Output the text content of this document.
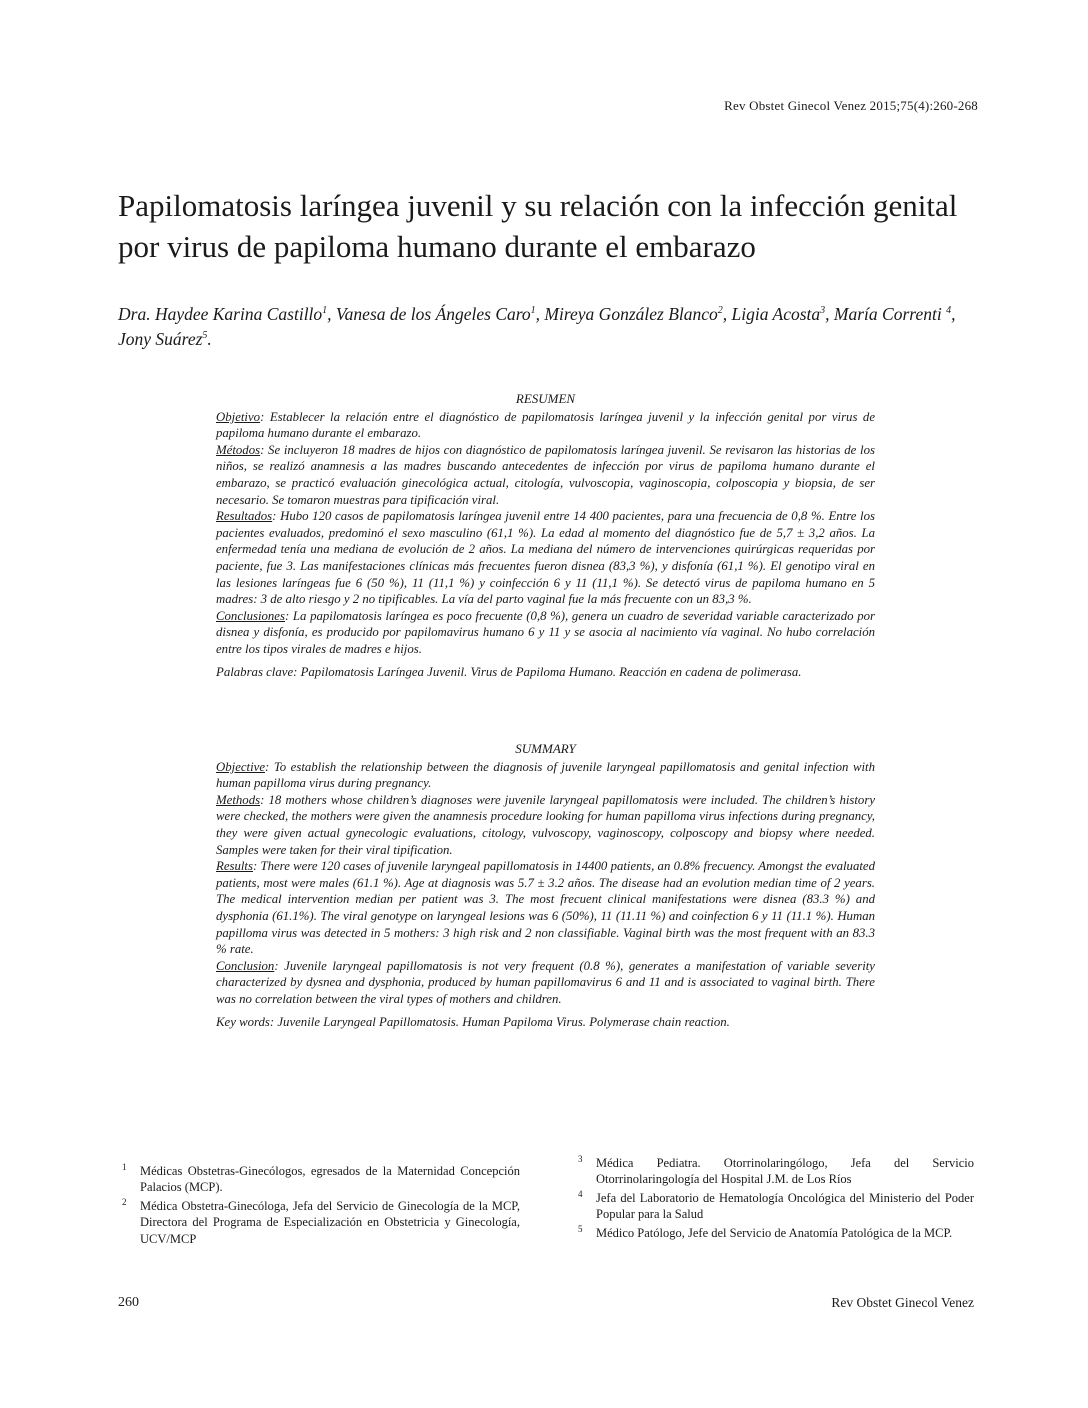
Rev Obstet Ginecol Venez 2015;75(4):260-268
Papilomatosis laríngea juvenil y su relación con la infección genital por virus de papiloma humano durante el embarazo

Dra. Haydee Karina Castillo$^1$, Vanesa de los Ángeles Caro$^1$, Mireya González Blanco$^2$, Ligia Acosta$^3$, María Correnti $^4$, Jony Suárez$^5$.

RESUMEN

Objetivo: Establecer la relación entre el diagnóstico de papilomatosis laríngea juvenil y la infección genital por virus de papiloma humano durante el embarazo.

Métodos: Se incluyeron 18 madres de hijos con diagnóstico de papilomatosis laríngea juvenil. Se revisaron las historias de los niños, se realizó anamnesis a las madres buscando antecedentes de infección por virus de papiloma humano durante el embarazo, se practicó evaluación ginecológica actual, citología, vulvoscopia, vaginoscopia, colposcopia y biopsia, de ser necesario. Se tomaron muestras para tipificación viral.

Resultados: Hubo 120 casos de papilomatosis laríngea juvenil entre 14 400 pacientes, para una frecuencia de 0,8 %. Entre los pacientes evaluados, predominó el sexo masculino (61,1 %). La edad al momento del diagnóstico fue de 5,7 ± 3,2 años. La enfermedad tenía una mediana de evolución de 2 años. La mediana del número de intervenciones quirúrgicas requeridas por paciente, fue 3. Las manifestaciones clínicas más frecuentes fueron disnea (83,3 %), y disfonía (61,1 %). El genotipo viral en las lesiones laríngeas fue 6 (50 %), 11 (11,1 %) y coinfección 6 y 11 (11,1 %). Se detectó virus de papiloma humano en 5 madres: 3 de alto riesgo y 2 no tipificables. La vía del parto vaginal fue la más frecuente con un 83,3 %.

Conclusiones: La papilomatosis laríngea es poco frecuente (0,8 %), genera un cuadro de severidad variable caracterizado por disnea y disfonía, es producido por papilomavirus humano 6 y 11 y se asocia al nacimiento vía vaginal. No hubo correlación entre los tipos virales de madres e hijos.

Palabras clave: Papilomatosis Laríngea Juvenil. Virus de Papiloma Humano. Reacción en cadena de polimerasa.

SUMMARY

Objective: To establish the relationship between the diagnosis of juvenile laryngeal papillomatosis and genital infection with human papilloma virus during pregnancy.

Methods: 18 mothers whose children’s diagnoses were juvenile laryngeal papillomatosis were included. The children’s history were checked, the mothers were given the anamnesis procedure looking for human papilloma virus infections during pregnancy, they were given actual gynecologic evaluations, citology, vulvoscopy, vaginoscopy, colposcopy and biopsy where needed. Samples were taken for their viral tipification.

Results: There were 120 cases of juvenile laryngeal papillomatosis in 14400 patients, an 0.8% frecuency. Amongst the evaluated patients, most were males (61.1 %). Age at diagnosis was 5.7 ± 3.2 años. The disease had an evolution median time of 2 years. The medical intervention median per patient was 3. The most frecuent clinical manifestations were disnea (83.3 %) and dysphonia (61.1%). The viral genotype on laryngeal lesions was 6 (50%), 11 (11.11 %) and coinfection 6 y 11 (11.1 %). Human papilloma virus was detected in 5 mothers: 3 high risk and 2 non classifiable. Vaginal birth was the most frequent with an 83.3 % rate.

Conclusion: Juvenile laryngeal papillomatosis is not very frequent (0.8 %), generates a manifestation of variable severity characterized by dysnea and dysphonia, produced by human papillomavirus 6 and 11 and is associated to vaginal birth. There was no correlation between the viral types of mothers and children.

Key words: Juvenile Laryngeal Papillomatosis. Human Papiloma Virus. Polymerase chain reaction.

1 Médicas Obstetras-Ginecólogos, egresados de la Maternidad Concepción Palacios (MCP).
2 Médica Obstetra-Ginecóloga, Jefa del Servicio de Ginecología de la MCP, Directora del Programa de Especialización en Obstetricia y Ginecología, UCV/MCP
3 Médica Pediatra. Otorrinolaringólogo, Jefa del Servicio Otorrinolaringología del Hospital J.M. de Los Ríos
4 Jefa del Laboratorio de Hematología Oncológica del Ministerio del Poder Popular para la Salud
5 Médico Patólogo, Jefe del Servicio de Anatomía Patológica de la MCP.
260	Rev Obstet Ginecol Venez
